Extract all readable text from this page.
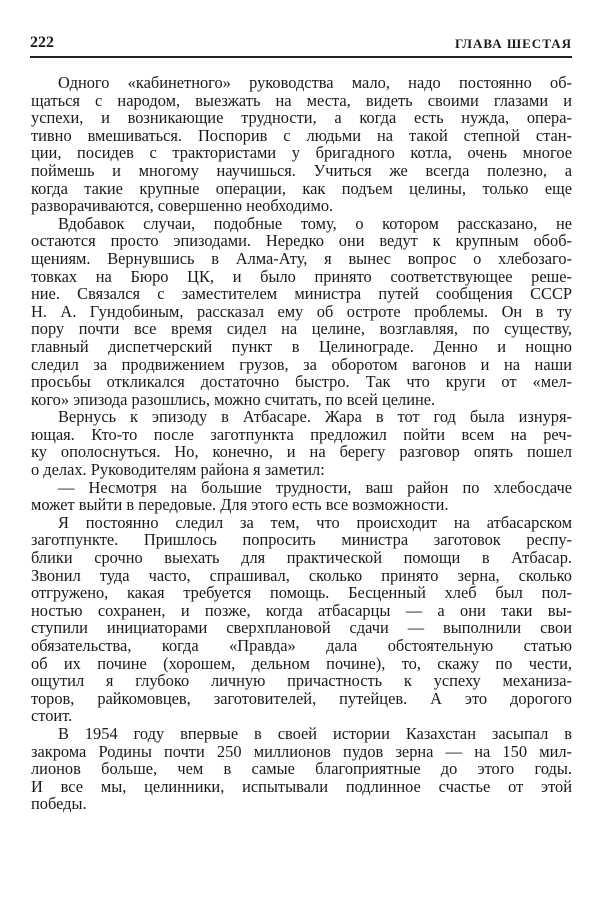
222	ГЛАВА ШЕСТАЯ
Одного «кабинетного» руководства мало, надо постоянно об-
щаться с народом, выезжать на места, видеть своими глазами и
успехи, и возникающие трудности, а когда есть нужда, опера-
тивно вмешиваться. Поспорив с людьми на такой степной стан-
ции, посидев с трактористами у бригадного котла, очень многое
поймешь и многому научишься. Учиться же всегда полезно, а
когда такие крупные операции, как подъем целины, только еще
разворачиваются, совершенно необходимо.
Вдобавок случаи, подобные тому, о котором рассказано, не
остаются просто эпизодами. Нередко они ведут к крупным обоб-
щениям. Вернувшись в Алма-Ату, я вынес вопрос о хлебозаго-
товках на Бюро ЦК, и было принято соответствующее реше-
ние. Связался с заместителем министра путей сообщения СССР
Н. А. Гундобиным, рассказал ему об остроте проблемы. Он в ту
пору почти все время сидел на целине, возглавляя, по существу,
главный диспетчерский пункт в Целинограде. Денно и нощно
следил за продвижением грузов, за оборотом вагонов и на наши
просьбы откликался достаточно быстро. Так что круги от «мел-
кого» эпизода разошлись, можно считать, по всей целине.
Вернусь к эпизоду в Атбасаре. Жара в тот год была изнуря-
ющая. Кто-то после заготпункта предложил пойти всем на реч-
ку ополоснуться. Но, конечно, и на берегу разговор опять пошел
о делах. Руководителям района я заметил:
— Несмотря на большие трудности, ваш район по хлебосдаче
может выйти в передовые. Для этого есть все возможности.
Я постоянно следил за тем, что происходит на атбасарском
заготпункте. Пришлось попросить министра заготовок респу-
блики срочно выехать для практической помощи в Атбасар.
Звонил туда часто, спрашивал, сколько принято зерна, сколько
отгружено, какая требуется помощь. Бесценный хлеб был пол-
ностью сохранен, и позже, когда атбасарцы — а они таки вы-
ступили инициаторами сверхплановой сдачи — выполнили свои
обязательства, когда «Правда» дала обстоятельную статью
об их почине (хорошем, дельном почине), то, скажу по чести,
ощутил я глубоко личную причастность к успеху механиза-
торов, райкомовцев, заготовителей, путейцев. А это дорогого
стоит.
В 1954 году впервые в своей истории Казахстан засыпал в
закрома Родины почти 250 миллионов пудов зерна — на 150 мил-
лионов больше, чем в самые благоприятные до этого годы.
И все мы, целинники, испытывали подлинное счастье от этой
победы.
